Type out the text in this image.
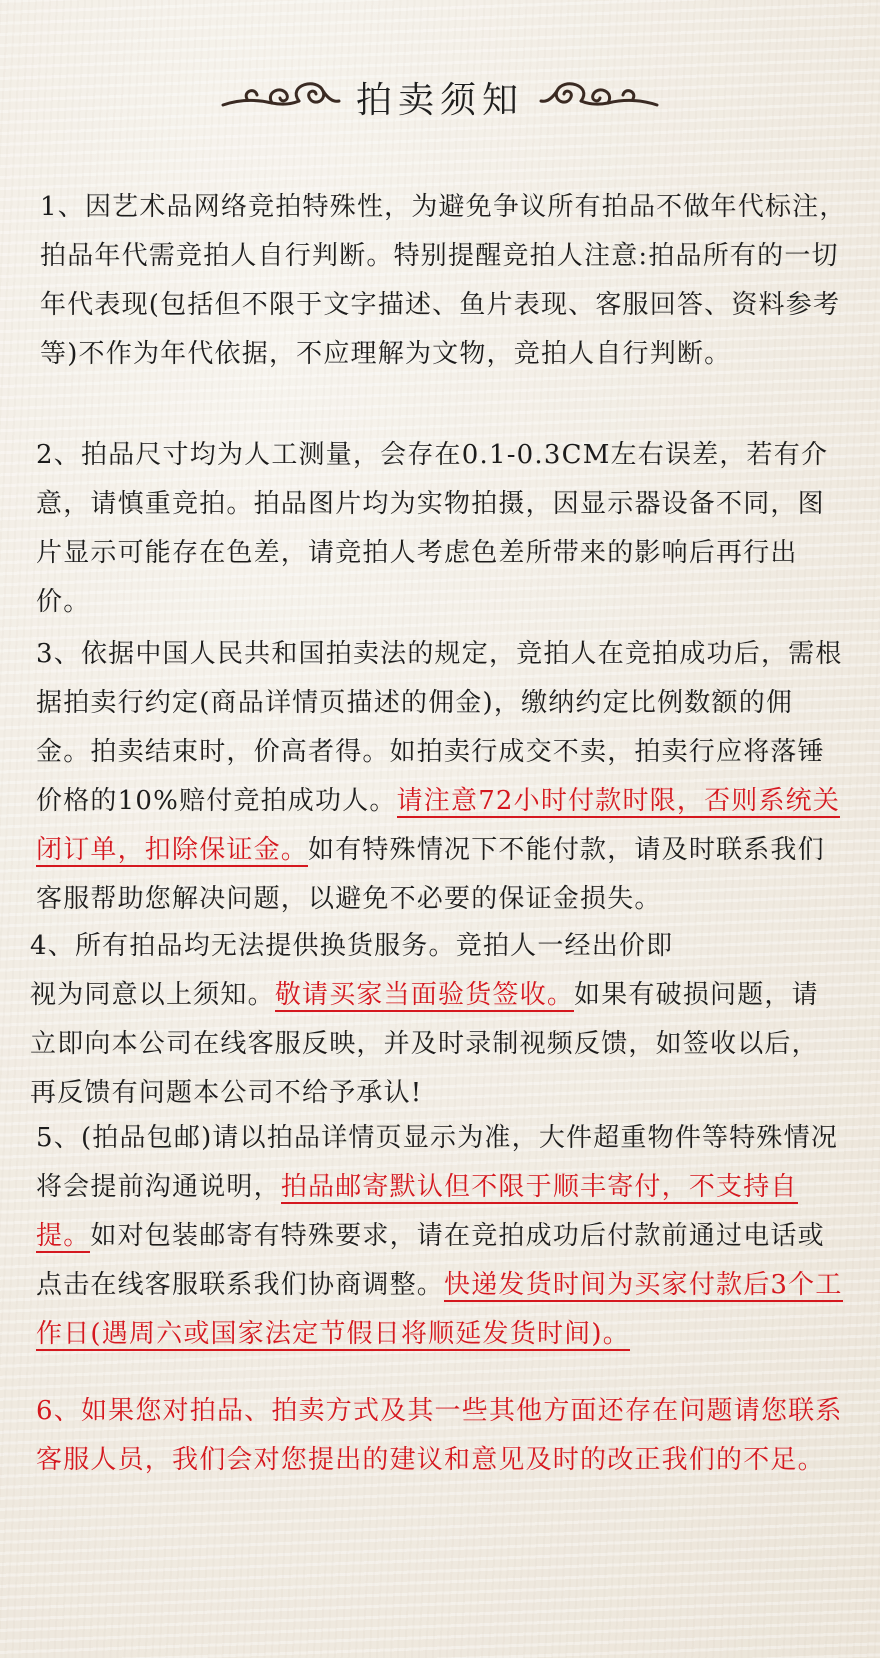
拍卖须知

1、因艺术品网络竞拍特殊性，为避免争议所有拍品不做年代标注，拍品年代需竞拍人自行判断。特别提醒竞拍人注意:拍品所有的一切年代表现(包括但不限于文字描述、鱼片表现、客服回答、资料参考等)不作为年代依据，不应理解为文物，竞拍人自行判断。

2、拍品尺寸均为人工测量，会存在0.1-0.3CM左右误差，若有介意，请慎重竞拍。拍品图片均为实物拍摄，因显示器设备不同，图片显示可能存在色差，请竞拍人考虑色差所带来的影响后再行出价。

3、依据中国人民共和国拍卖法的规定，竞拍人在竞拍成功后，需根据拍卖行约定(商品详情页描述的佣金)，缴纳约定比例数额的佣金。拍卖结束时，价高者得。如拍卖行成交不卖，拍卖行应将落锤价格的10%赔付竞拍成功人。请注意72小时付款时限，否则系统关闭订单，扣除保证金。如有特殊情况下不能付款，请及时联系我们客服帮助您解决问题，以避免不必要的保证金损失。

4、所有拍品均无法提供换货服务。竞拍人一经出价即
视为同意以上须知。敬请买家当面验货签收。如果有破损问题，请立即向本公司在线客服反映，并及时录制视频反馈，如签收以后，再反馈有问题本公司不给予承认!

5、(拍品包邮)请以拍品详情页显示为准，大件超重物件等特殊情况将会提前沟通说明，拍品邮寄默认但不限于顺丰寄付，不支持自提。如对包装邮寄有特殊要求，请在竞拍成功后付款前通过电话或点击在线客服联系我们协商调整。快递发货时间为买家付款后3个工作日(遇周六或国家法定节假日将顺延发货时间)。

6、如果您对拍品、拍卖方式及其一些其他方面还存在问题请您联系客服人员，我们会对您提出的建议和意见及时的改正我们的不足。
